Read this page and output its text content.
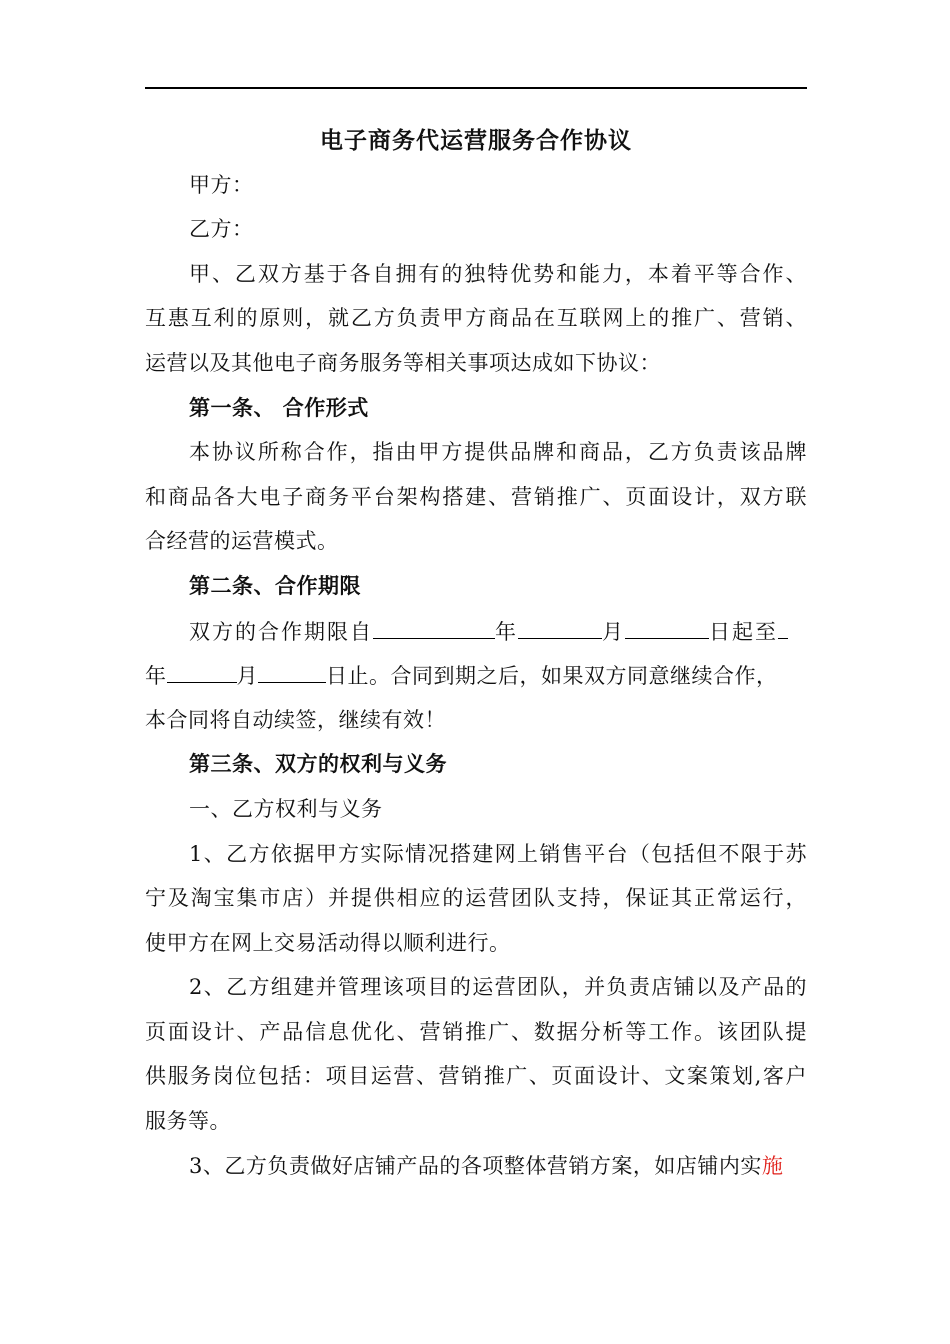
电子商务代运营服务合作协议
甲方：
乙方：
甲、乙双方基于各自拥有的独特优势和能力，本着平等合作、
互惠互利的原则，就乙方负责甲方商品在互联网上的推广、营销、
运营以及其他电子商务服务等相关事项达成如下协议：
第一条、 合作形式
本协议所称合作，指由甲方提供品牌和商品，乙方负责该品牌
和商品各大电子商务平台架构搭建、营销推广、页面设计，双方联
合经营的运营模式。
第二条、合作期限
双方的合作期限自	年	月	日起至
年	月	日止。合同到期之后，如果双方同意继续合作，
本合同将自动续签，继续有效！
第三条、双方的权利与义务
一、乙方权利与义务
1、乙方依据甲方实际情况搭建网上销售平台（包括但不限于苏
宁及淘宝集市店）并提供相应的运营团队支持，保证其正常运行，
使甲方在网上交易活动得以顺利进行。
2、乙方组建并管理该项目的运营团队，并负责店铺以及产品的
页面设计、产品信息优化、营销推广、数据分析等工作。该团队提
供服务岗位包括：项目运营、营销推广、页面设计、文案策划,客户
服务等。
3、乙方负责做好店铺产品的各项整体营销方案，如店铺内实施
